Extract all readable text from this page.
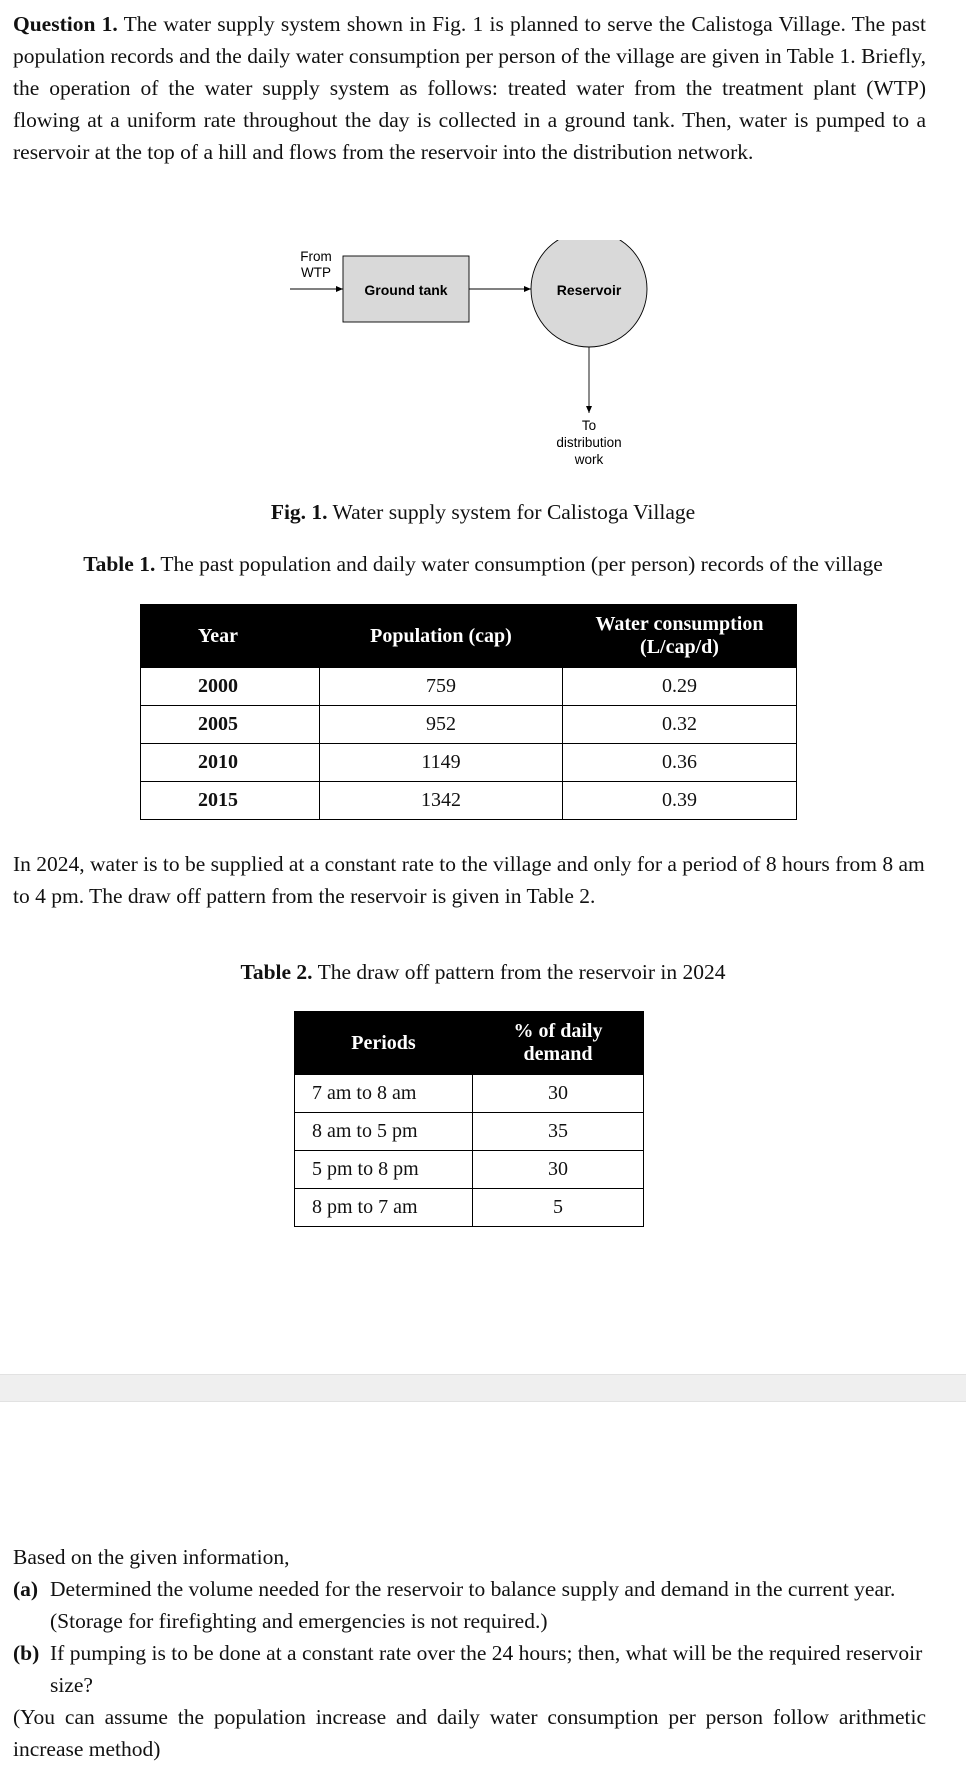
Question 1. The water supply system shown in Fig. 1 is planned to serve the Calistoga Village. The past population records and the daily water consumption per person of the village are given in Table 1. Briefly, the operation of the water supply system as follows: treated water from the treatment plant (WTP) flowing at a uniform rate throughout the day is collected in a ground tank. Then, water is pumped to a reservoir at the top of a hill and flows from the reservoir into the distribution network.
From
WTP
Ground tank	Reservoir
To
distribution
work
Fig. 1. Water supply system for Calistoga Village
Table 1. The past population and daily water consumption (per person) records of the village
Year	Population (cap)	Water consumption
(L/cap/d)
2000	759	0.29
2005	952	0.32
2010	1149	0.36
2015	1342	0.39
In 2024, water is to be supplied at a constant rate to the village and only for a period of 8 hours from 8 am to 4 pm. The draw off pattern from the reservoir is given in Table 2.
Table 2. The draw off pattern from the reservoir in 2024
Periods	% of daily
demand
7 am to 8 am	30
8 am to 5 pm	35
5 pm to 8 pm	30
8 pm to 7 am	5
Based on the given information,
(a) Determined the volume needed for the reservoir to balance supply and demand in the current year. (Storage for firefighting and emergencies is not required.)
(b) If pumping is to be done at a constant rate over the 24 hours; then, what will be the required reservoir size?
(You can assume the population increase and daily water consumption per person follow arithmetic increase method)
